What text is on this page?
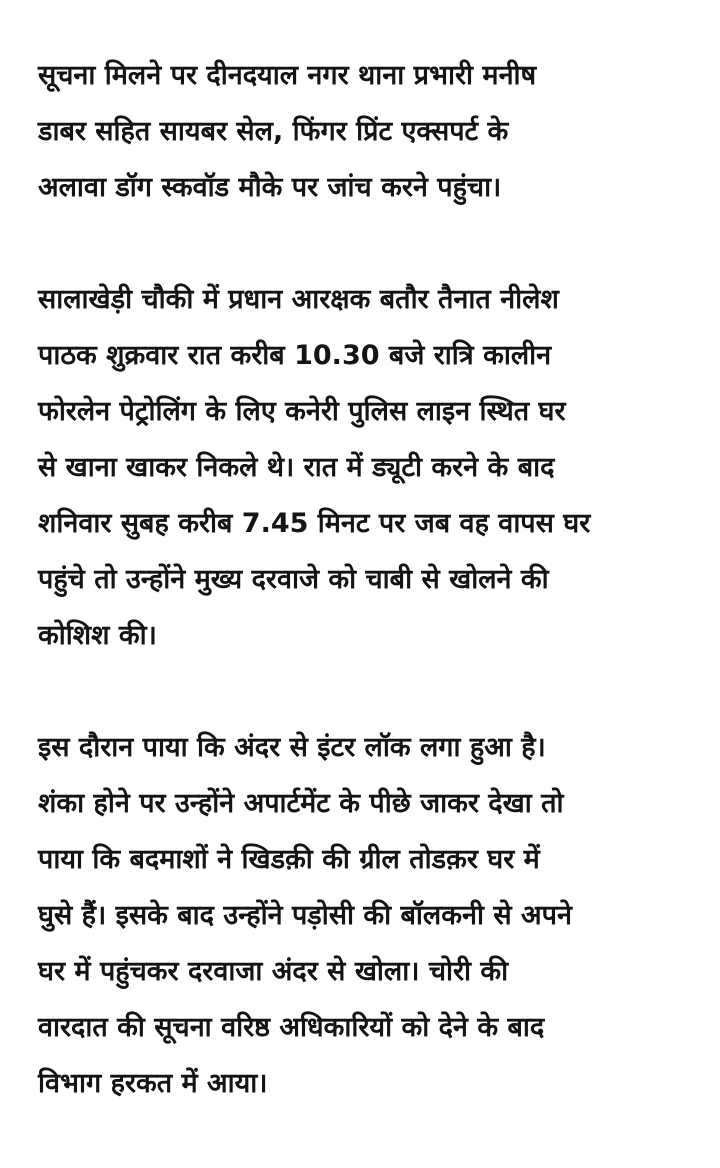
सूचना मिलने पर दीनदयाल नगर थाना प्रभारी मनीष
डाबर सहित सायबर सेल, फिंगर प्रिंट एक्सपर्ट के
अलावा डॉग स्कवॉड मौके पर जांच करने पहुंचा।

सालाखेड़ी चौकी में प्रधान आरक्षक बतौर तैनात नीलेश
पाठक शुक्रवार रात करीब 10.30 बजे रात्रि कालीन
फोरलेन पेट्रोलिंग के लिए कनेरी पुलिस लाइन स्थित घर
से खाना खाकर निकले थे। रात में ड्यूटी करने के बाद
शनिवार सुबह करीब 7.45 मिनट पर जब वह वापस घर
पहुंचे तो उन्होंने मुख्य दरवाजे को चाबी से खोलने की
कोशिश की।

इस दौरान पाया कि अंदर से इंटर लॉक लगा हुआ है।
शंका होने पर उन्होंने अपार्टमेंट के पीछे जाकर देखा तो
पाया कि बदमाशों ने खिडक़ी की ग्रील तोडक़र घर में
घुसे हैं। इसके बाद उन्होंने पड़ोसी की बॉलकनी से अपने
घर में पहुंचकर दरवाजा अंदर से खोला। चोरी की
वारदात की सूचना वरिष्ठ अधिकारियों को देने के बाद
विभाग हरकत में आया।
